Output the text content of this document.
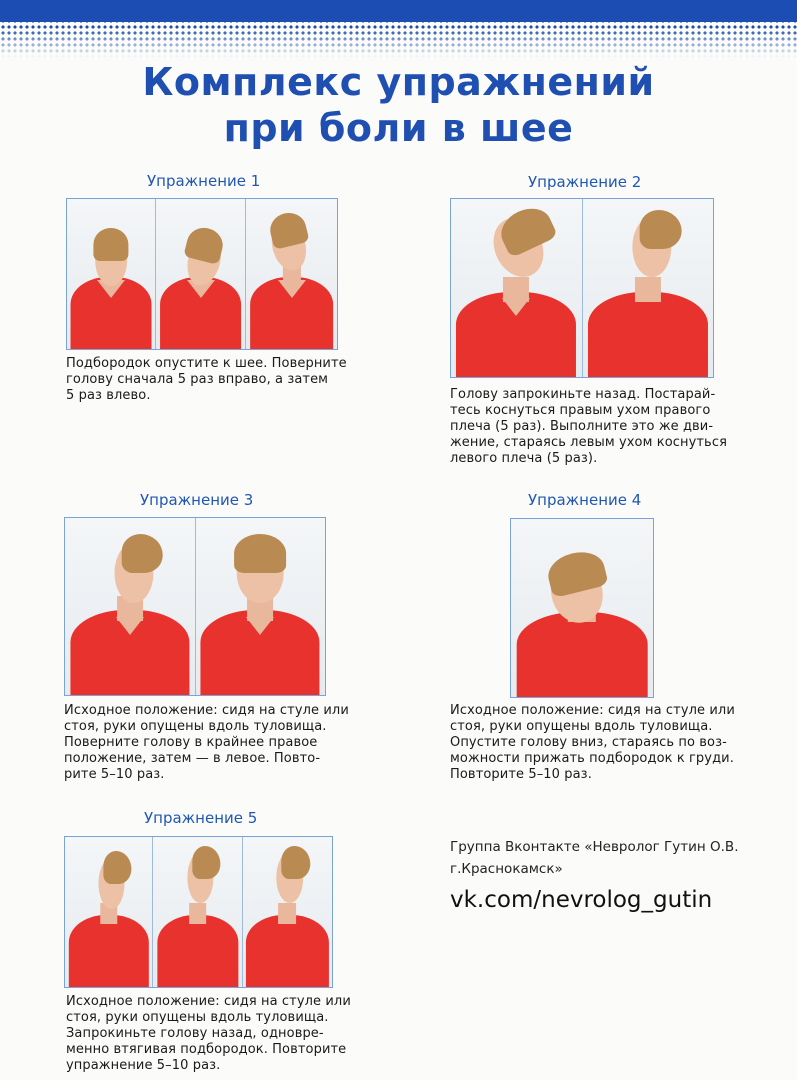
Комплекс упражнений
при боли в шее
Упражнение 1

Подбородок опустите к шее. Поверните
голову сначала 5 раз вправо, а затем
5 раз влево.

Упражнение 2

Голову запрокиньте назад. Постарай-
тесь коснуться правым ухом правого
плеча (5 раз). Выполните это же дви-
жение, стараясь левым ухом коснуться
левого плеча (5 раз).

Упражнение 3

Исходное положение: сидя на стуле или
стоя, руки опущены вдоль туловища.
Поверните голову в крайнее правое
положение, затем — в левое. Повто-
рите 5–10 раз.

Упражнение 4

Исходное положение: сидя на стуле или
стоя, руки опущены вдоль туловища.
Опустите голову вниз, стараясь по воз-
можности прижать подбородок к груди.
Повторите 5–10 раз.

Упражнение 5

Исходное положение: сидя на стуле или
стоя, руки опущены вдоль туловища.
Запрокиньте голову назад, одновре-
менно втягивая подбородок. Повторите
упражнение 5–10 раз.

Группа Вконтакте «Невролог Гутин О.В.
г.Краснокамск»
vk.com/nevrolog_gutin
